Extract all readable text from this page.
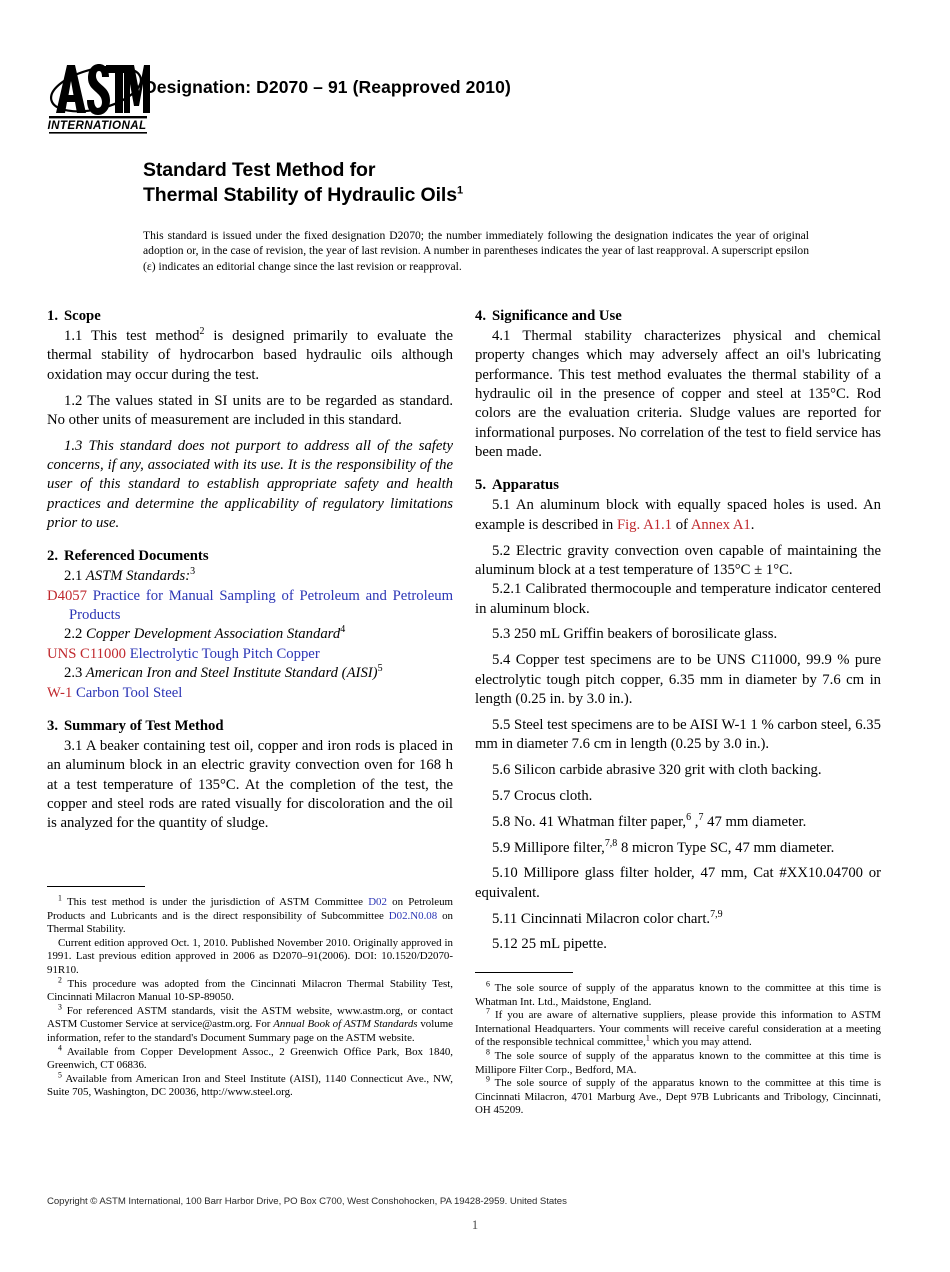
INTERNATIONAL
Designation: D2070 – 91 (Reapproved 2010)
Standard Test Method for
Thermal Stability of Hydraulic Oils$^1$
This standard is issued under the fixed designation D2070; the number immediately following the designation indicates the year of original adoption or, in the case of revision, the year of last revision. A number in parentheses indicates the year of last reapproval. A superscript epsilon (ε) indicates an editorial change since the last revision or reapproval.
1. Scope

1.1 This test method$^2$ is designed primarily to evaluate the thermal stability of hydrocarbon based hydraulic oils although oxidation may occur during the test.

1.2 The values stated in SI units are to be regarded as standard. No other units of measurement are included in this standard.

1.3 This standard does not purport to address all of the safety concerns, if any, associated with its use. It is the responsibility of the user of this standard to establish appropriate safety and health practices and determine the applicability of regulatory limitations prior to use.

2. Referenced Documents

2.1 ASTM Standards:$^3$

D4057 Practice for Manual Sampling of Petroleum and Petroleum Products

2.2 Copper Development Association Standard$^4$

UNS C11000 Electrolytic Tough Pitch Copper

2.3 American Iron and Steel Institute Standard (AISI)$^5$

W-1 Carbon Tool Steel

3. Summary of Test Method

3.1 A beaker containing test oil, copper and iron rods is placed in an aluminum block in an electric gravity convection oven for 168 h at a test temperature of 135°C. At the completion of the test, the copper and steel rods are rated visually for discoloration and the oil is analyzed for the quantity of sludge.

4. Significance and Use

4.1 Thermal stability characterizes physical and chemical property changes which may adversely affect an oil's lubricating performance. This test method evaluates the thermal stability of a hydraulic oil in the presence of copper and steel at 135°C. Rod colors are the evaluation criteria. Sludge values are reported for informational purposes. No correlation of the test to field service has been made.

5. Apparatus

5.1 An aluminum block with equally spaced holes is used. An example is described in Fig. A1.1 of Annex A1.

5.2 Electric gravity convection oven capable of maintaining the aluminum block at a test temperature of 135°C ± 1°C.

5.2.1 Calibrated thermocouple and temperature indicator centered in aluminum block.

5.3 250 mL Griffin beakers of borosilicate glass.

5.4 Copper test specimens are to be UNS C11000, 99.9 % pure electrolytic tough pitch copper, 6.35 mm in diameter by 7.6 cm in length (0.25 in. by 3.0 in.).

5.5 Steel test specimens are to be AISI W-1 1 % carbon steel, 6.35 mm in diameter 7.6 cm in length (0.25 by 3.0 in.).

5.6 Silicon carbide abrasive 320 grit with cloth backing.

5.7 Crocus cloth.

5.8 No. 41 Whatman filter paper,$^6$ ,$^7$ 47 mm diameter.

5.9 Millipore filter,$^{7,8}$ 8 micron Type SC, 47 mm diameter.

5.10 Millipore glass filter holder, 47 mm, Cat #XX10.04700 or equivalent.

5.11 Cincinnati Milacron color chart.$^{7,9}$

5.12 25 mL pipette.

$^1$ This test method is under the jurisdiction of ASTM Committee D02 on Petroleum Products and Lubricants and is the direct responsibility of Subcommittee D02.N0.08 on Thermal Stability.

Current edition approved Oct. 1, 2010. Published November 2010. Originally approved in 1991. Last previous edition approved in 2006 as D2070–91(2006). DOI: 10.1520/D2070-91R10.

$^2$ This procedure was adopted from the Cincinnati Milacron Thermal Stability Test, Cincinnati Milacron Manual 10-SP-89050.

$^3$ For referenced ASTM standards, visit the ASTM website, www.astm.org, or contact ASTM Customer Service at service@astm.org. For Annual Book of ASTM Standards volume information, refer to the standard's Document Summary page on the ASTM website.

$^4$ Available from Copper Development Assoc., 2 Greenwich Office Park, Box 1840, Greenwich, CT 06836.

$^5$ Available from American Iron and Steel Institute (AISI), 1140 Connecticut Ave., NW, Suite 705, Washington, DC 20036, http://www.steel.org.

$^6$ The sole source of supply of the apparatus known to the committee at this time is Whatman Int. Ltd., Maidstone, England.

$^7$ If you are aware of alternative suppliers, please provide this information to ASTM International Headquarters. Your comments will receive careful consideration at a meeting of the responsible technical committee,$^1$ which you may attend.

$^8$ The sole source of supply of the apparatus known to the committee at this time is Millipore Filter Corp., Bedford, MA.

$^9$ The sole source of supply of the apparatus known to the committee at this time is Cincinnati Milacron, 4701 Marburg Ave., Dept 97B Lubricants and Tribology, Cincinnati, OH 45209.

Copyright © ASTM International, 100 Barr Harbor Drive, PO Box C700, West Conshohocken, PA 19428-2959. United States
1
